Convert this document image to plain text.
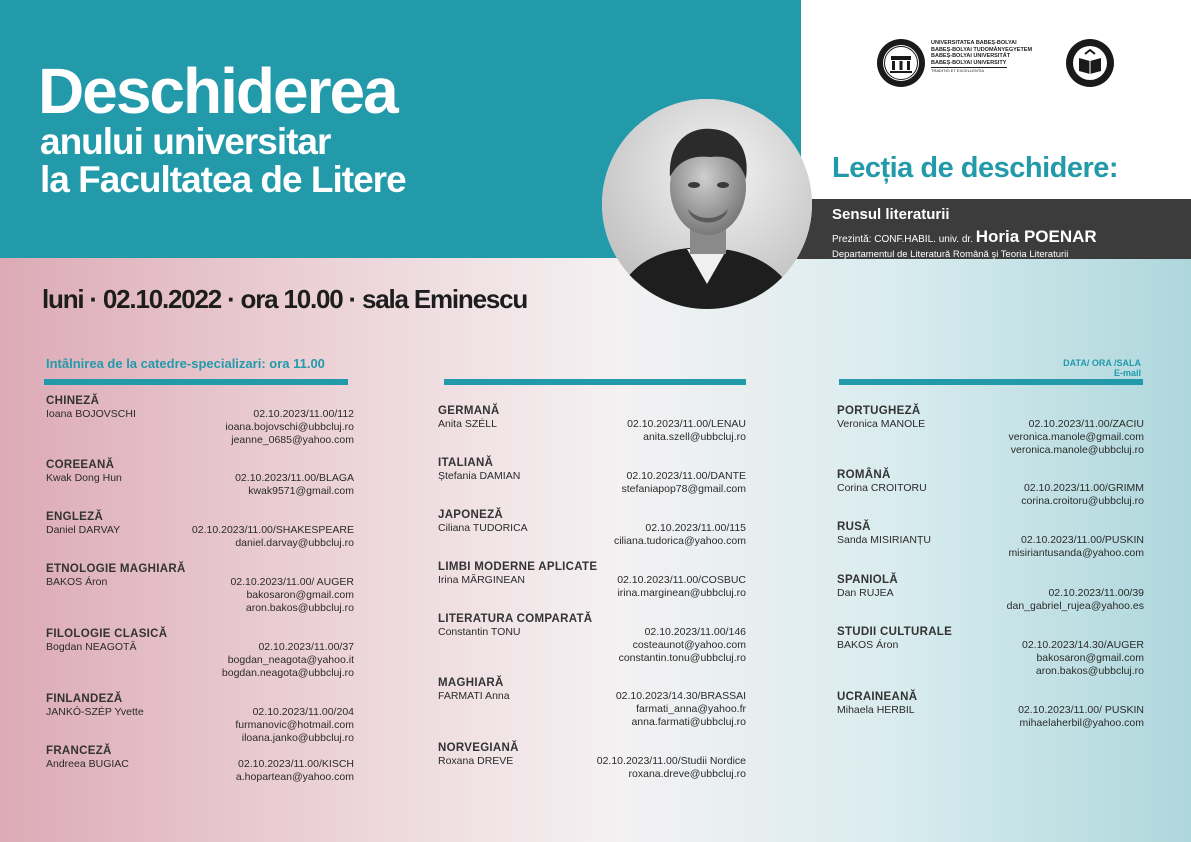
Deschiderea
anului universitar
la Facultatea de Litere
UNIVERSITATEA BABEȘ-BOLYAI
BABEȘ-BOLYAI TUDOMÁNYEGYETEM
BABEȘ-BOLYAI UNIVERSITÄT
BABEȘ-BOLYAI UNIVERSITY
TRADITIO ET EXCELLENTIA
Lecția de deschidere:
Sensul literaturii
Prezintă: CONF.HABIL. univ. dr. Horia POENAR
Departamentul de Literatură Română şi Teoria Literaturii
luni · 02.10.2022 · ora 10.00 · sala Eminescu
Intâlnirea de la catedre-specializari: ora 11.00	DATA/ ORA /SALA
E-mail
CHINEZĂ
Ioana BOJOVSCHI	02.10.2023/11.00/112
ioana.bojovschi@ubbcluj.ro
jeanne_0685@yahoo.com
COREEANĂ
Kwak Dong Hun	02.10.2023/11.00/BLAGA
kwak9571@gmail.com
ENGLEZĂ
Daniel DARVAY	02.10.2023/11.00/SHAKESPEARE
daniel.darvay@ubbcluj.ro
ETNOLOGIE MAGHIARĂ
BAKOS Áron	02.10.2023/11.00/ AUGER
bakosaron@gmail.com
aron.bakos@ubbcluj.ro
FILOLOGIE CLASICĂ
Bogdan NEAGOTĂ	02.10.2023/11.00/37
bogdan_neagota@yahoo.it
bogdan.neagota@ubbcluj.ro
FINLANDEZĂ
JANKÓ-SZÉP Yvette	02.10.2023/11.00/204
furmanovic@hotmail.com
iloana.janko@ubbcluj.ro
FRANCEZĂ
Andreea BUGIAC	02.10.2023/11.00/KISCH
a.hopartean@yahoo.com
GERMANĂ
Anita SZÉLL	02.10.2023/11.00/LENAU
anita.szell@ubbcluj.ro
ITALIANĂ
Ștefania DAMIAN	02.10.2023/11.00/DANTE
stefaniapop78@gmail.com
JAPONEZĂ
Ciliana TUDORICA	02.10.2023/11.00/115
ciliana.tudorica@yahoo.com
LIMBI MODERNE APLICATE
Irina MĂRGINEAN	02.10.2023/11.00/COSBUC
irina.marginean@ubbcluj.ro
LITERATURA COMPARATĂ
Constantin TONU	02.10.2023/11.00/146
costeaunot@yahoo.com
constantin.tonu@ubbcluj.ro
MAGHIARĂ
FARMATI Anna	02.10.2023/14.30/BRASSAI
farmati_anna@yahoo.fr
anna.farmati@ubbcluj.ro
NORVEGIANĂ
Roxana DREVE	02.10.2023/11.00/Studii Nordice
roxana.dreve@ubbcluj.ro
PORTUGHEZĂ
Veronica MANOLE	02.10.2023/11.00/ZACIU
veronica.manole@gmail.com
veronica.manole@ubbcluj.ro
ROMÂNĂ
Corina CROITORU	02.10.2023/11.00/GRIMM
corina.croitoru@ubbcluj.ro
RUSĂ
Sanda MISIRIANȚU	02.10.2023/11.00/PUSKIN
misiriantusanda@yahoo.com
SPANIOLĂ
Dan RUJEA	02.10.2023/11.00/39
dan_gabriel_rujea@yahoo.es
STUDII CULTURALE
BAKOS Áron	02.10.2023/14.30/AUGER
bakosaron@gmail.com
aron.bakos@ubbcluj.ro
UCRAINEANĂ
Mihaela HERBIL	02.10.2023/11.00/ PUSKIN
mihaelaherbil@yahoo.com
